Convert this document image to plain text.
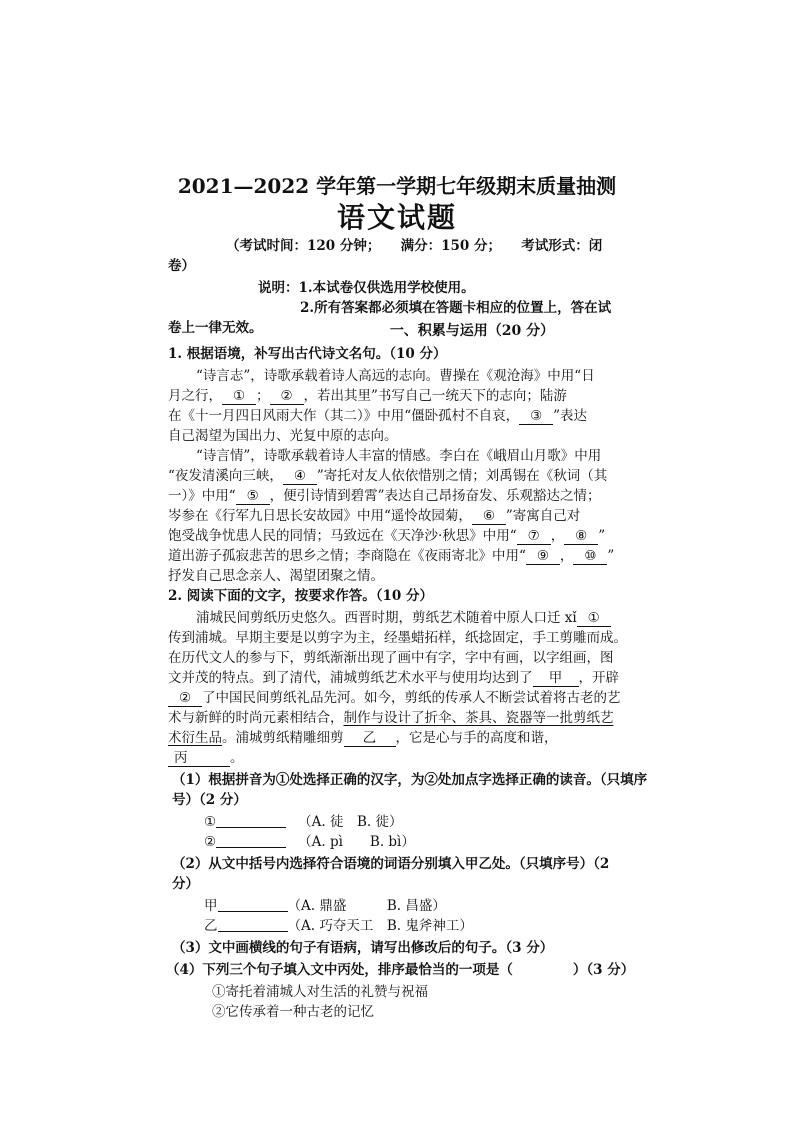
2021—2022 学年第一学期七年级期末质量抽测
语文试题
（考试时间：120 分钟；　　满分：150 分；　　考试形式：闭
卷）
说明：1.本试卷仅供选用学校使用。
2.所有答案都必须填在答题卡相应的位置上，答在试
卷上一律无效。	一、积累与运用（20 分）
1. 根据语境，补写出古代诗文名句。（10 分）
“诗言志”，诗歌承载着诗人高远的志向。曹操在《观沧海》中用“日
月之行， ① ； ② ，若出其里”书写自己一统天下的志向；陆游
在《十一月四日风雨大作（其二）》中用“僵卧孤村不自哀， ③ ”表达
自己渴望为国出力、光复中原的志向。
“诗言情”，诗歌承载着诗人丰富的情感。李白在《峨眉山月歌》中用
“夜发清溪向三峡， ④ ”寄托对友人依依惜别之情；刘禹锡在《秋词（其
一）》中用“ ⑤ ，便引诗情到碧霄”表达自己昂扬奋发、乐观豁达之情；
岑参在《行军九日思长安故园》中用“遥怜故园菊， ⑥ ”寄寓自己对
饱受战争忧患人民的同情；马致远在《天净沙·秋思》中用“ ⑦ ， ⑧ ”
道出游子孤寂悲苦的思乡之情；李商隐在《夜雨寄北》中用“ ⑨ ， ⑩ ”
抒发自己思念亲人、渴望团聚之情。
2. 阅读下面的文字，按要求作答。（10 分）
浦城民间剪纸历史悠久。西晋时期，剪纸艺术随着中原人口迁 xǐ ①
传到浦城。早期主要是以剪字为主，经墨蜡拓样，纸捻固定，手工剪雕而成。
在历代文人的参与下，剪纸渐渐出现了画中有字，字中有画，以字组画，图
文并茂的特点。到了清代，浦城剪纸艺术水平与使用均达到了 甲 ，开辟
② 了中国民间剪纸礼品先河。如今，剪纸的传承人不断尝试着将古老的艺
术与新鲜的时尚元素相结合，制作与设计了折伞、茶具、瓷器等一批剪纸艺
术衍生品。浦城剪纸精雕细剪 乙 ，它是心与手的高度和谐，
丙	。
（1）根据拼音为①处选择正确的汉字，为②处加点字选择正确的读音。（只填序
号）（2 分）
①	（A. 徒　B. 徙）
②	（A. pì　　B. bì）
（2）从文中括号内选择符合语境的词语分别填入甲乙处。（只填序号）（2
分）
甲	（A. 鼎盛　　　B. 昌盛）
乙	（A. 巧夺天工　B. 鬼斧神工）
（3）文中画横线的句子有语病，请写出修改后的句子。（3 分）
（4）下列三个句子填入文中丙处，排序最恰当的一项是（	）（3 分）
①寄托着浦城人对生活的礼赞与祝福
②它传承着一种古老的记忆
